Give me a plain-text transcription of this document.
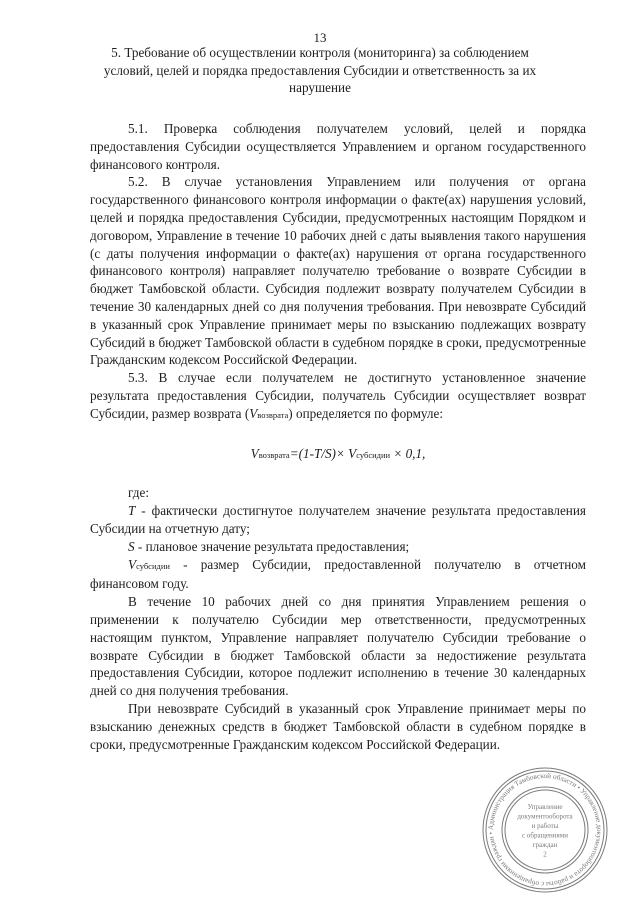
13
5. Требование об осуществлении контроля (мониторинга) за соблюдением условий, целей и порядка предоставления Субсидии и ответственность за их нарушение

5.1. Проверка соблюдения получателем условий, целей и порядка предоставления Субсидии осуществляется Управлением и органом государственного финансового контроля.

5.2. В случае установления Управлением или получения от органа государственного финансового контроля информации о факте(ах) нарушения условий, целей и порядка предоставления Субсидии, предусмотренных настоящим Порядком и договором, Управление в течение 10 рабочих дней с даты выявления такого нарушения (с даты получения информации о факте(ах) нарушения от органа государственного финансового контроля) направляет получателю требование о возврате Субсидии в бюджет Тамбовской области. Субсидия подлежит возврату получателем Субсидии в течение 30 календарных дней со дня получения требования. При невозврате Субсидий в указанный срок Управление принимает меры по взысканию подлежащих возврату Субсидий в бюджет Тамбовской области в судебном порядке в сроки, предусмотренные Гражданским кодексом Российской Федерации.

5.3. В случае если получателем не достигнуто установленное значение результата предоставления Субсидии, получатель Субсидии осуществляет возврат Субсидии, размер возврата (Vвозврата) определяется по формуле:

Vвозврата=(1-T/S)× Vсубсидии × 0,1,

где:

T - фактически достигнутое получателем значение результата предоставления Субсидии на отчетную дату;

S - плановое значение результата предоставления;

Vсубсидии - размер Субсидии, предоставленной получателю в отчетном финансовом году.

В течение 10 рабочих дней со дня принятия Управлением решения о применении к получателю Субсидии мер ответственности, предусмотренных настоящим пунктом, Управление направляет получателю Субсидии требование о возврате Субсидии в бюджет Тамбовской области за недостижение результата предоставления Субсидии, которое подлежит исполнению в течение 30 календарных дней со дня получения требования.

При невозврате Субсидий в указанный срок Управление принимает меры по взысканию денежных средств в бюджет Тамбовской области в судебном порядке в сроки, предусмотренные Гражданским кодексом Российской Федерации.

Администрация Тамбовской области • Управление документооборота и работы с обращениями граждан •
Управление
документооборота
и работы
с обращениями
граждан
2
